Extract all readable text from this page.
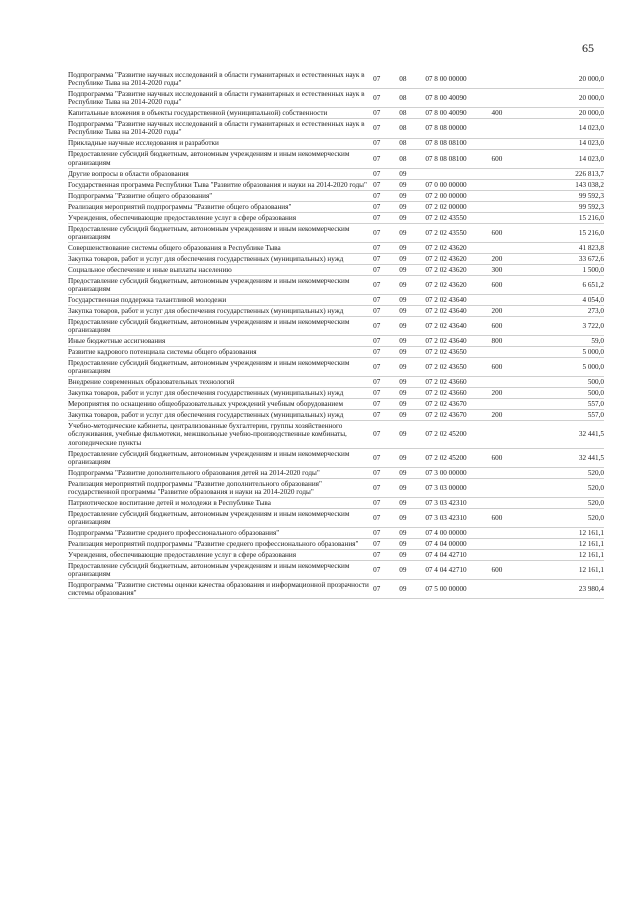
65
Подпрограмма "Развитие научных исследований в области гуманитарных и естественных наук в Республике Тыва на 2014-2020 годы"	07	08	07 8 00 00000		20 000,0
Подпрограмма "Развитие научных исследований в области гуманитарных и естественных наук в Республике Тыва на 2014-2020 годы"	07	08	07 8 00 40090		20 000,0
Капитальные вложения в объекты государственной (муниципальной) собственности	07	08	07 8 00 40090	400	20 000,0
Подпрограмма "Развитие научных исследований в области гуманитарных и естественных наук в Республике Тыва на 2014-2020 годы"	07	08	07 8 08 00000		14 023,0
Прикладные научные исследования и разработки	07	08	07 8 08 08100		14 023,0
Предоставление субсидий бюджетным, автономным учреждениям и иным некоммерческим организациям	07	08	07 8 08 08100	600	14 023,0
Другие вопросы в области образования	07	09			226 813,7
Государственная программа Республики Тыва "Развитие образования и науки на 2014-2020 годы"	07	09	07 0 00 00000		143 038,2
Подпрограмма "Развитие общего образования"	07	09	07 2 00 00000		99 592,3
Реализация мероприятий подпрограммы "Развитие общего образования"	07	09	07 2 02 00000		99 592,3
Учреждения, обеспечивающие предоставление услуг в сфере образования	07	09	07 2 02 43550		15 216,0
Предоставление субсидий бюджетным, автономным учреждениям и иным некоммерческим организациям	07	09	07 2 02 43550	600	15 216,0
Совершенствование системы общего образования в Республике Тыва	07	09	07 2 02 43620		41 823,8
Закупка товаров, работ и услуг для обеспечения государственных (муниципальных) нужд	07	09	07 2 02 43620	200	33 672,6
Социальное обеспечение и иные выплаты населению	07	09	07 2 02 43620	300	1 500,0
Предоставление субсидий бюджетным, автономным учреждениям и иным некоммерческим организациям	07	09	07 2 02 43620	600	6 651,2
Государственная поддержка талантливой молодежи	07	09	07 2 02 43640		4 054,0
Закупка товаров, работ и услуг для обеспечения государственных (муниципальных) нужд	07	09	07 2 02 43640	200	273,0
Предоставление субсидий бюджетным, автономным учреждениям и иным некоммерческим организациям	07	09	07 2 02 43640	600	3 722,0
Иные бюджетные ассигнования	07	09	07 2 02 43640	800	59,0
Развитие кадрового потенциала системы общего образования	07	09	07 2 02 43650		5 000,0
Предоставление субсидий бюджетным, автономным учреждениям и иным некоммерческим организациям	07	09	07 2 02 43650	600	5 000,0
Внедрение современных образовательных технологий	07	09	07 2 02 43660		500,0
Закупка товаров, работ и услуг для обеспечения государственных (муниципальных) нужд	07	09	07 2 02 43660	200	500,0
Мероприятия по оснащению общеобразовательных учреждений учебным оборудованием	07	09	07 2 02 43670		557,0
Закупка товаров, работ и услуг для обеспечения государственных (муниципальных) нужд	07	09	07 2 02 43670	200	557,0
Учебно-методические кабинеты, централизованные бухгалтерии, группы хозяйственного обслуживания, учебные фильмотеки, межшкольные учебно-производственные комбинаты, логопедические пункты	07	09	07 2 02 45200		32 441,5
Предоставление субсидий бюджетным, автономным учреждениям и иным некоммерческим организациям	07	09	07 2 02 45200	600	32 441,5
Подпрограмма "Развитие дополнительного образования детей на 2014-2020 годы"	07	09	07 3 00 00000		520,0
Реализация мероприятий подпрограммы "Развитие дополнительного образования" государственной программы "Развитие образования и науки на 2014-2020 годы"	07	09	07 3 03 00000		520,0
Патриотическое воспитание детей и молодежи в Республике Тыва	07	09	07 3 03 42310		520,0
Предоставление субсидий бюджетным, автономным учреждениям и иным некоммерческим организациям	07	09	07 3 03 42310	600	520,0
Подпрограмма "Развитие среднего профессионального образования"	07	09	07 4 00 00000		12 161,1
Реализация мероприятий подпрограммы "Развитие среднего профессионального образования"	07	09	07 4 04 00000		12 161,1
Учреждения, обеспечивающие предоставление услуг в сфере образования	07	09	07 4 04 42710		12 161,1
Предоставление субсидий бюджетным, автономным учреждениям и иным некоммерческим организациям	07	09	07 4 04 42710	600	12 161,1
Подпрограмма "Развитие системы оценки качества образования и информационной прозрачности системы образования"	07	09	07 5 00 00000		23 980,4
